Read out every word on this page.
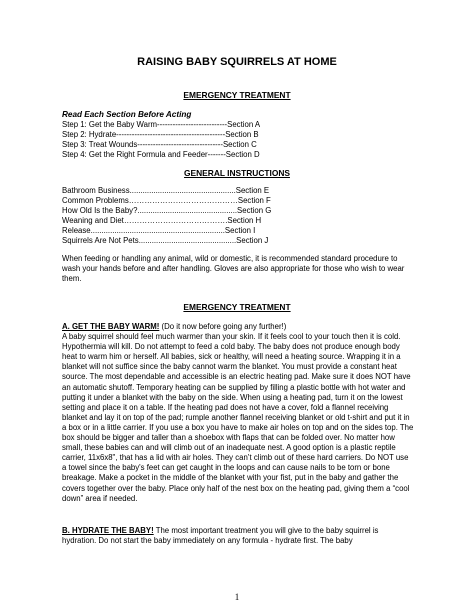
RAISING BABY SQUIRRELS AT HOME
EMERGENCY TREATMENT
Read Each Section Before Acting
Step 1: Get the Baby Warm---------------------------Section A
Step 2: Hydrate------------------------------------------Section B
Step 3: Treat Wounds---------------------------------Section C
Step 4: Get the Right Formula and Feeder-------Section D
GENERAL INSTRUCTIONS
Bathroom Business.................................................Section E
Common Problems……………………………………Section F
How Old Is the Baby?..............................................Section G
Weaning and Diet………………………………….Section H
Release..............................................................Section I
Squirrels Are Not Pets.............................................Section J

When feeding or handling any animal, wild or domestic, it is recommended standard procedure to wash your hands before and after handling. Gloves are also appropriate for those who wish to wear them.

EMERGENCY TREATMENT

A. GET THE BABY WARM! (Do it now before going any further!)

A baby squirrel should feel much warmer than your skin. If it feels cool to your touch then it is cold. Hypothermia will kill. Do not attempt to feed a cold baby. The baby does not produce enough body heat to warm him or herself. All babies, sick or healthy, will need a heating source. Wrapping it in a blanket will not suffice since the baby cannot warm the blanket. You must provide a constant heat source. The most dependable and accessible is an electric heating pad. Make sure it does NOT have an automatic shutoff. Temporary heating can be supplied by filling a plastic bottle with hot water and putting it under a blanket with the baby on the side. When using a heating pad, turn it on the lowest setting and place it on a table. If the heating pad does not have a cover, fold a flannel receiving blanket and lay it on top of the pad; rumple another flannel receiving blanket or old t-shirt and put it in a box or in a little carrier. If you use a box you have to make air holes on top and on the sides top. The box should be bigger and taller than a shoebox with flaps that can be folded over. No matter how small, these babies can and will climb out of an inadequate nest. A good option is a plastic reptile carrier, 11x6x8", that has a lid with air holes. They can’t climb out of these hard carriers. Do NOT use a towel since the baby's feet can get caught in the loops and can cause nails to be torn or bone breakage. Make a pocket in the middle of the blanket with your fist, put in the baby and gather the covers together over the baby. Place only half of the nest box on the heating pad, giving them a “cool down” area if needed.

B. HYDRATE THE BABY! The most important treatment you will give to the baby squirrel is hydration. Do not start the baby immediately on any formula - hydrate first. The baby

1
